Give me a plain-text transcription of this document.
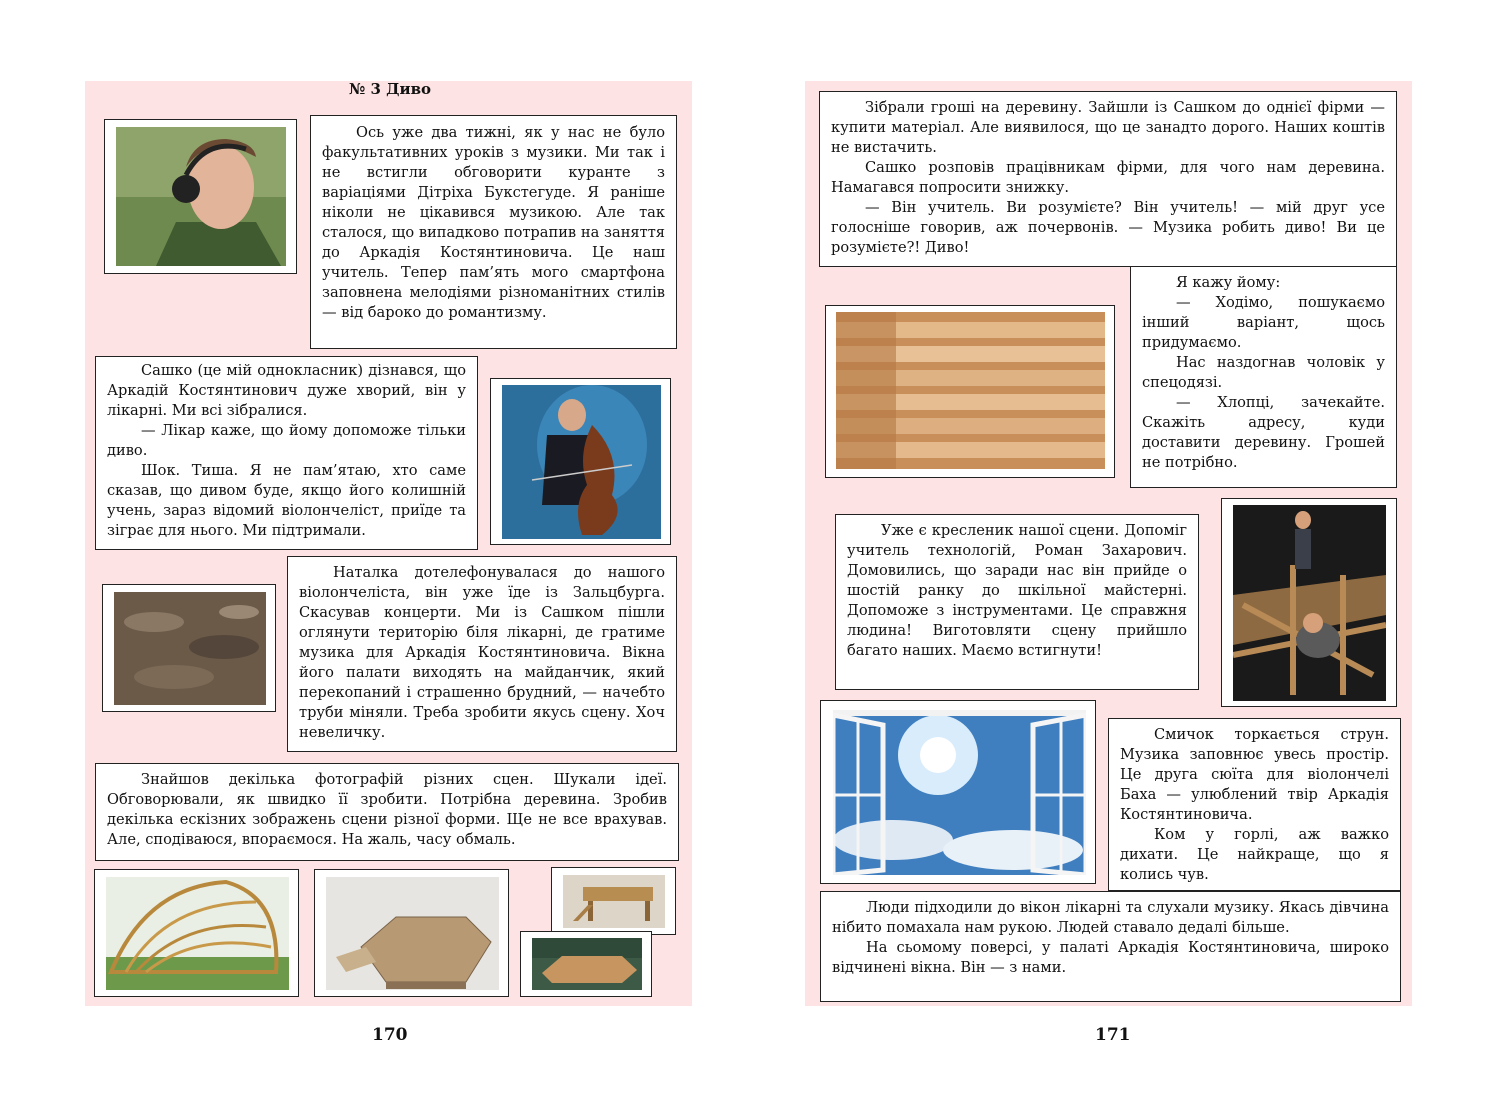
№ 3 Диво

Ось уже два тижні, як у нас не було факультативних уроків з музики. Ми так і не встигли обговорити куранте з варіаціями Дітріха Букстегуде. Я раніше ніколи не цікавився музикою. Але так сталося, що випадково потрапив на заняття до Аркадія Костянтиновича. Це наш учитель. Тепер пам’ять мого смартфона заповнена мелодіями різноманітних стилів — від бароко до романтизму.

Сашко (це мій однокласник) дізнався, що Аркадій Костянтинович дуже хворий, він у лікарні. Ми всі зібралися.

— Лікар каже, що йому допоможе тільки диво.

Шок. Тиша. Я не пам’ятаю, хто саме сказав, що дивом буде, якщо його колишній учень, зараз відомий віолончеліст, приїде та зіграє для нього. Ми підтримали.

Наталка дотелефонувалася до нашого віолончеліста, він уже їде із Зальцбурга. Скасував концерти. Ми із Сашком пішли оглянути територію біля лікарні, де гратиме музика для Аркадія Костянтиновича. Вікна його палати виходять на майданчик, який перекопаний і страшенно брудний, — начебто труби міняли. Треба зробити якусь сцену. Хоч невеличку.

Знайшов декілька фотографій різних сцен. Шукали ідеї. Обговорювали, як швидко її зробити. Потрібна деревина. Зробив декілька ескізних зображень сцени різної форми. Ще не все врахував. Але, сподіваюся, впораємося. На жаль, часу обмаль.

170

Зібрали гроші на деревину. Зайшли із Сашком до однієї фірми — купити матеріал. Але виявилося, що це занадто дорого. Наших коштів не вистачить.

Сашко розповів працівникам фірми, для чого нам деревина. Намагався попросити знижку.

— Він учитель. Ви розумієте? Він учитель! — мій друг усе голосніше говорив, аж почервонів. — Музика робить диво! Ви це розумієте?! Диво!

Я кажу йому:

— Ходімо, пошукаємо інший варіант, щось придумаємо.

Нас наздогнав чоловік у спецодязі.

— Хлопці, зачекайте. Скажіть адресу, куди доставити деревину. Грошей не потрібно.

Уже є кресленик нашої сцени. Допоміг учитель технологій, Роман Захарович. Домовились, що заради нас він прийде о шостій ранку до шкільної майстерні. Допоможе з інструментами. Це справжня людина! Виготовляти сцену прийшло багато наших. Маємо встигнути!

Смичок торкається струн. Музика заповнює увесь простір. Це друга сюїта для віолончелі Баха — улюблений твір Аркадія Костянтиновича.

Ком у горлі, аж важко дихати. Це найкраще, що я колись чув.

Люди підходили до вікон лікарні та слухали музику. Якась дівчина нібито помахала нам рукою. Людей ставало дедалі більше.

На сьомому поверсі, у палаті Аркадія Костянтиновича, широко відчинені вікна. Він — з нами.

171
